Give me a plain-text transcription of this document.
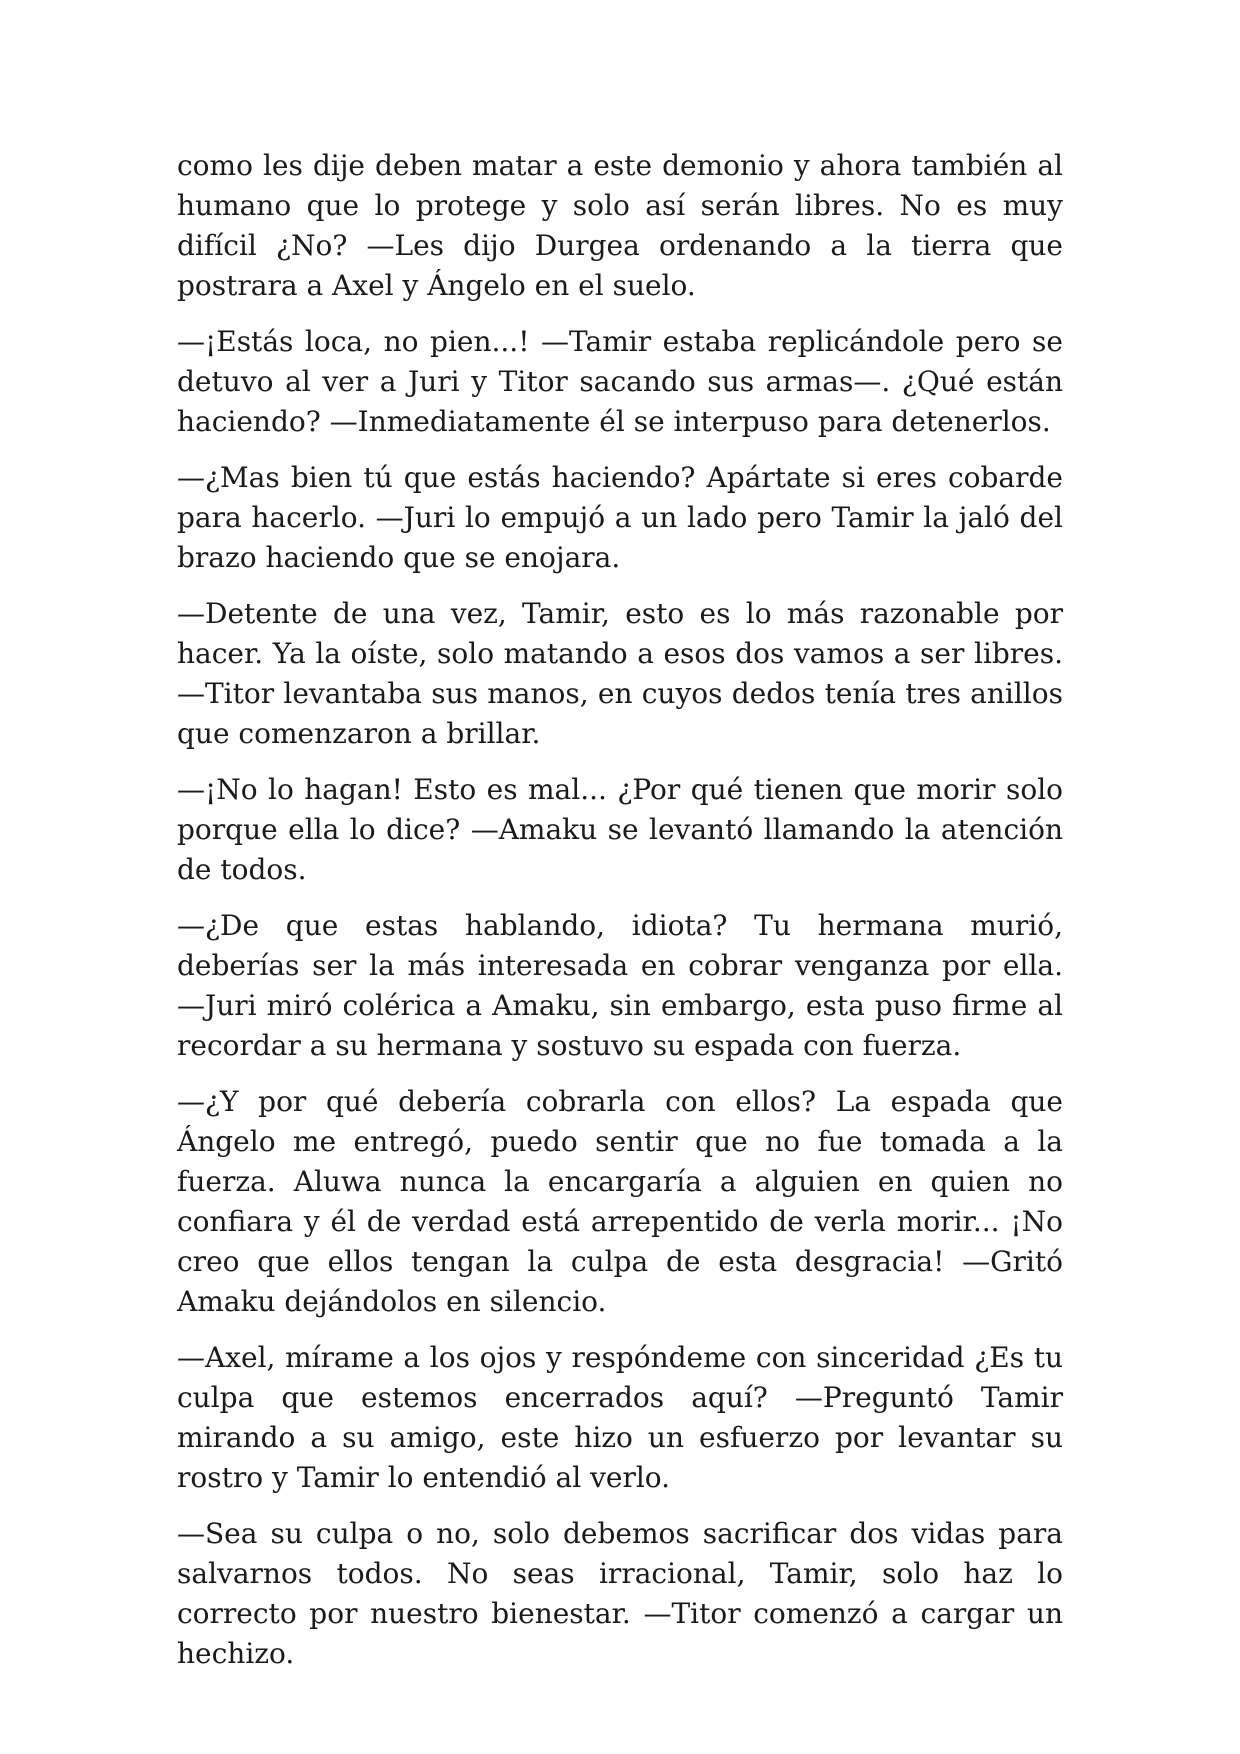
como les dije deben matar a este demonio y ahora también al humano que lo protege y solo así serán libres. No es muy difícil ¿No? —Les dijo Durgea ordenando a la tierra que postrara a Axel y Ángelo en el suelo.

—¡Estás loca, no pien...! —Tamir estaba replicándole pero se detuvo al ver a Juri y Titor sacando sus armas—. ¿Qué están haciendo? —Inmediatamente él se interpuso para detenerlos.

—¿Mas bien tú que estás haciendo? Apártate si eres cobarde para hacerlo. —Juri lo empujó a un lado pero Tamir la jaló del brazo haciendo que se enojara.

—Detente de una vez, Tamir, esto es lo más razonable por hacer. Ya la oíste, solo matando a esos dos vamos a ser libres. —Titor levantaba sus manos, en cuyos dedos tenía tres anillos que comenzaron a brillar.

—¡No lo hagan! Esto es mal... ¿Por qué tienen que morir solo porque ella lo dice? —Amaku se levantó llamando la atención de todos.

—¿De que estas hablando, idiota? Tu hermana murió, deberías ser la más interesada en cobrar venganza por ella. —Juri miró colérica a Amaku, sin embargo, esta puso firme al recordar a su hermana y sostuvo su espada con fuerza.

—¿Y por qué debería cobrarla con ellos? La espada que Ángelo me entregó, puedo sentir que no fue tomada a la fuerza. Aluwa nunca la encargaría a alguien en quien no confiara y él de verdad está arrepentido de verla morir... ¡No creo que ellos tengan la culpa de esta desgracia! —Gritó Amaku dejándolos en silencio.

—Axel, mírame a los ojos y respóndeme con sinceridad ¿Es tu culpa que estemos encerrados aquí? —Preguntó Tamir mirando a su amigo, este hizo un esfuerzo por levantar su rostro y Tamir lo entendió al verlo.

—Sea su culpa o no, solo debemos sacrificar dos vidas para salvarnos todos. No seas irracional, Tamir, solo haz lo correcto por nuestro bienestar. —Titor comenzó a cargar un hechizo.
